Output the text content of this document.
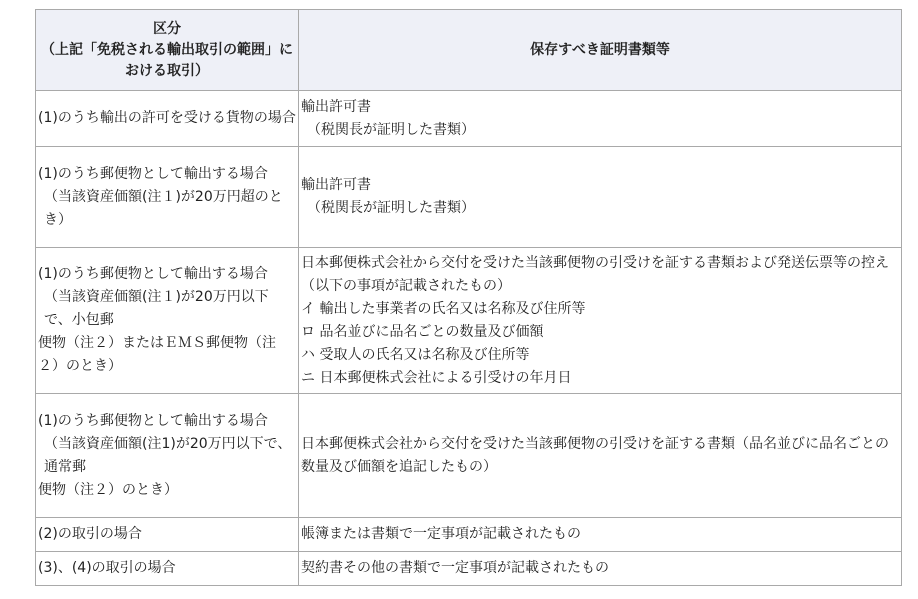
区分
（上記「免税される輸出取引の範囲」における取引）	保存すべき証明書類等

(1)のうち輸出の許可を受ける貨物の場合	輸出許可書
（税関長が証明した書類）

(1)のうち郵便物として輸出する場合
（当該資産価額(注１)が20万円超のとき）	輸出許可書
（税関長が証明した書類）

(1)のうち郵便物として輸出する場合
（当該資産価額(注１)が20万円以下で、小包郵
便物（注２）またはＥＭＳ郵便物（注２）のとき）	日本郵便株式会社から交付を受けた当該郵便物の引受けを証する書類および発送伝票等の控え（以下の事項が記載されたもの）
イ 輸出した事業者の氏名又は名称及び住所等
ロ 品名並びに品名ごとの数量及び価額
ハ 受取人の氏名又は名称及び住所等
ニ 日本郵便株式会社による引受けの年月日

(1)のうち郵便物として輸出する場合
（当該資産価額(注1)が20万円以下で、通常郵
便物（注２）のとき）	日本郵便株式会社から交付を受けた当該郵便物の引受けを証する書類（品名並びに品名ごとの数量及び価額を追記したもの）

(2)の取引の場合	帳簿または書類で一定事項が記載されたもの

(3)、(4)の取引の場合	契約書その他の書類で一定事項が記載されたもの
